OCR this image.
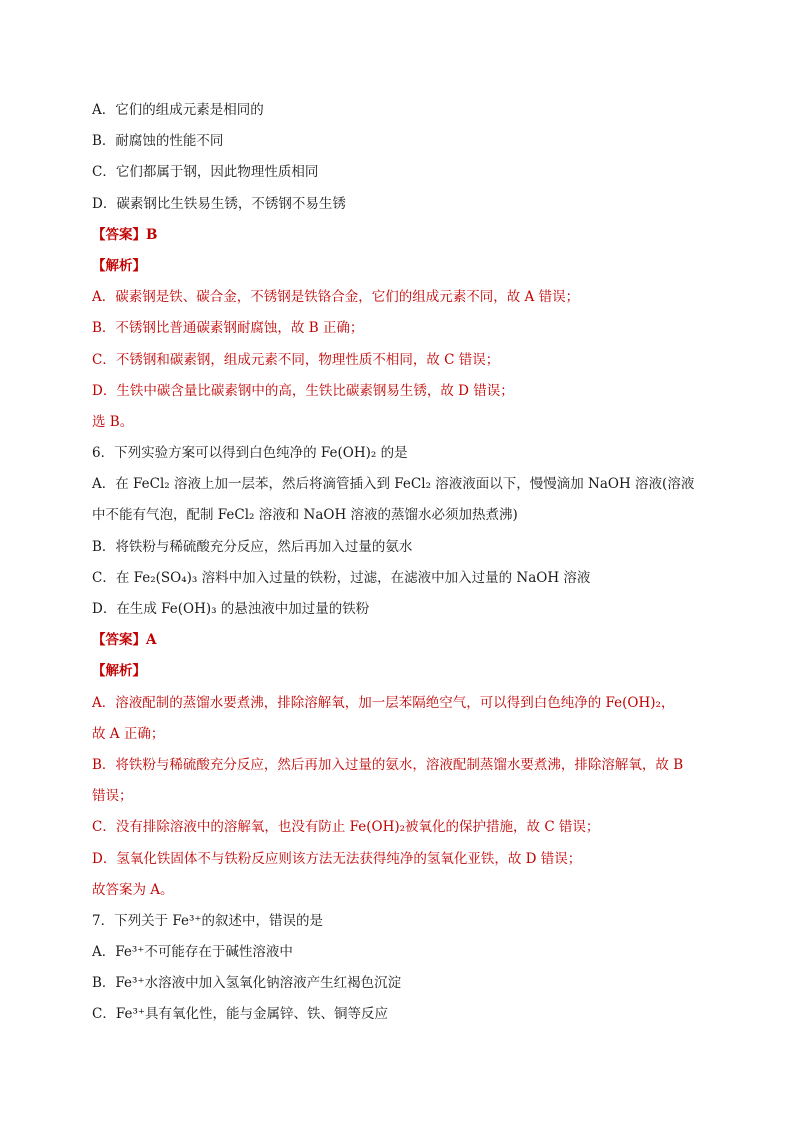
A．它们的组成元素是相同的
B．耐腐蚀的性能不同
C．它们都属于钢，因此物理性质相同
D．碳素钢比生铁易生锈，不锈钢不易生锈
【答案】B
【解析】
A．碳素钢是铁、碳合金，不锈钢是铁铬合金，它们的组成元素不同，故 A 错误；
B．不锈钢比普通碳素钢耐腐蚀，故 B 正确；
C．不锈钢和碳素钢，组成元素不同，物理性质不相同，故 C 错误；
D．生铁中碳含量比碳素钢中的高，生铁比碳素钢易生锈，故 D 错误；
选 B。
6．下列实验方案可以得到白色纯净的 Fe(OH)₂ 的是
A．在 FeCl₂ 溶液上加一层苯，然后将滴管插入到 FeCl₂ 溶液液面以下，慢慢滴加 NaOH 溶液(溶液
中不能有气泡，配制 FeCl₂ 溶液和 NaOH 溶液的蒸馏水必须加热煮沸)
B．将铁粉与稀硫酸充分反应，然后再加入过量的氨水
C．在 Fe₂(SO₄)₃ 溶料中加入过量的铁粉，过滤，在滤液中加入过量的 NaOH 溶液
D．在生成 Fe(OH)₃ 的悬浊液中加过量的铁粉
【答案】A
【解析】
A．溶液配制的蒸馏水要煮沸，排除溶解氧，加一层苯隔绝空气，可以得到白色纯净的 Fe(OH)₂，
故 A 正确；
B．将铁粉与稀硫酸充分反应，然后再加入过量的氨水，溶液配制蒸馏水要煮沸，排除溶解氧，故 B
错误；
C．没有排除溶液中的溶解氧，也没有防止 Fe(OH)₂被氧化的保护措施，故 C 错误；
D．氢氧化铁固体不与铁粉反应则该方法无法获得纯净的氢氧化亚铁，故 D 错误；
故答案为 A。
7．下列关于 Fe³⁺的叙述中，错误的是
A．Fe³⁺不可能存在于碱性溶液中
B．Fe³⁺水溶液中加入氢氧化钠溶液产生红褐色沉淀
C．Fe³⁺具有氧化性，能与金属锌、铁、铜等反应
